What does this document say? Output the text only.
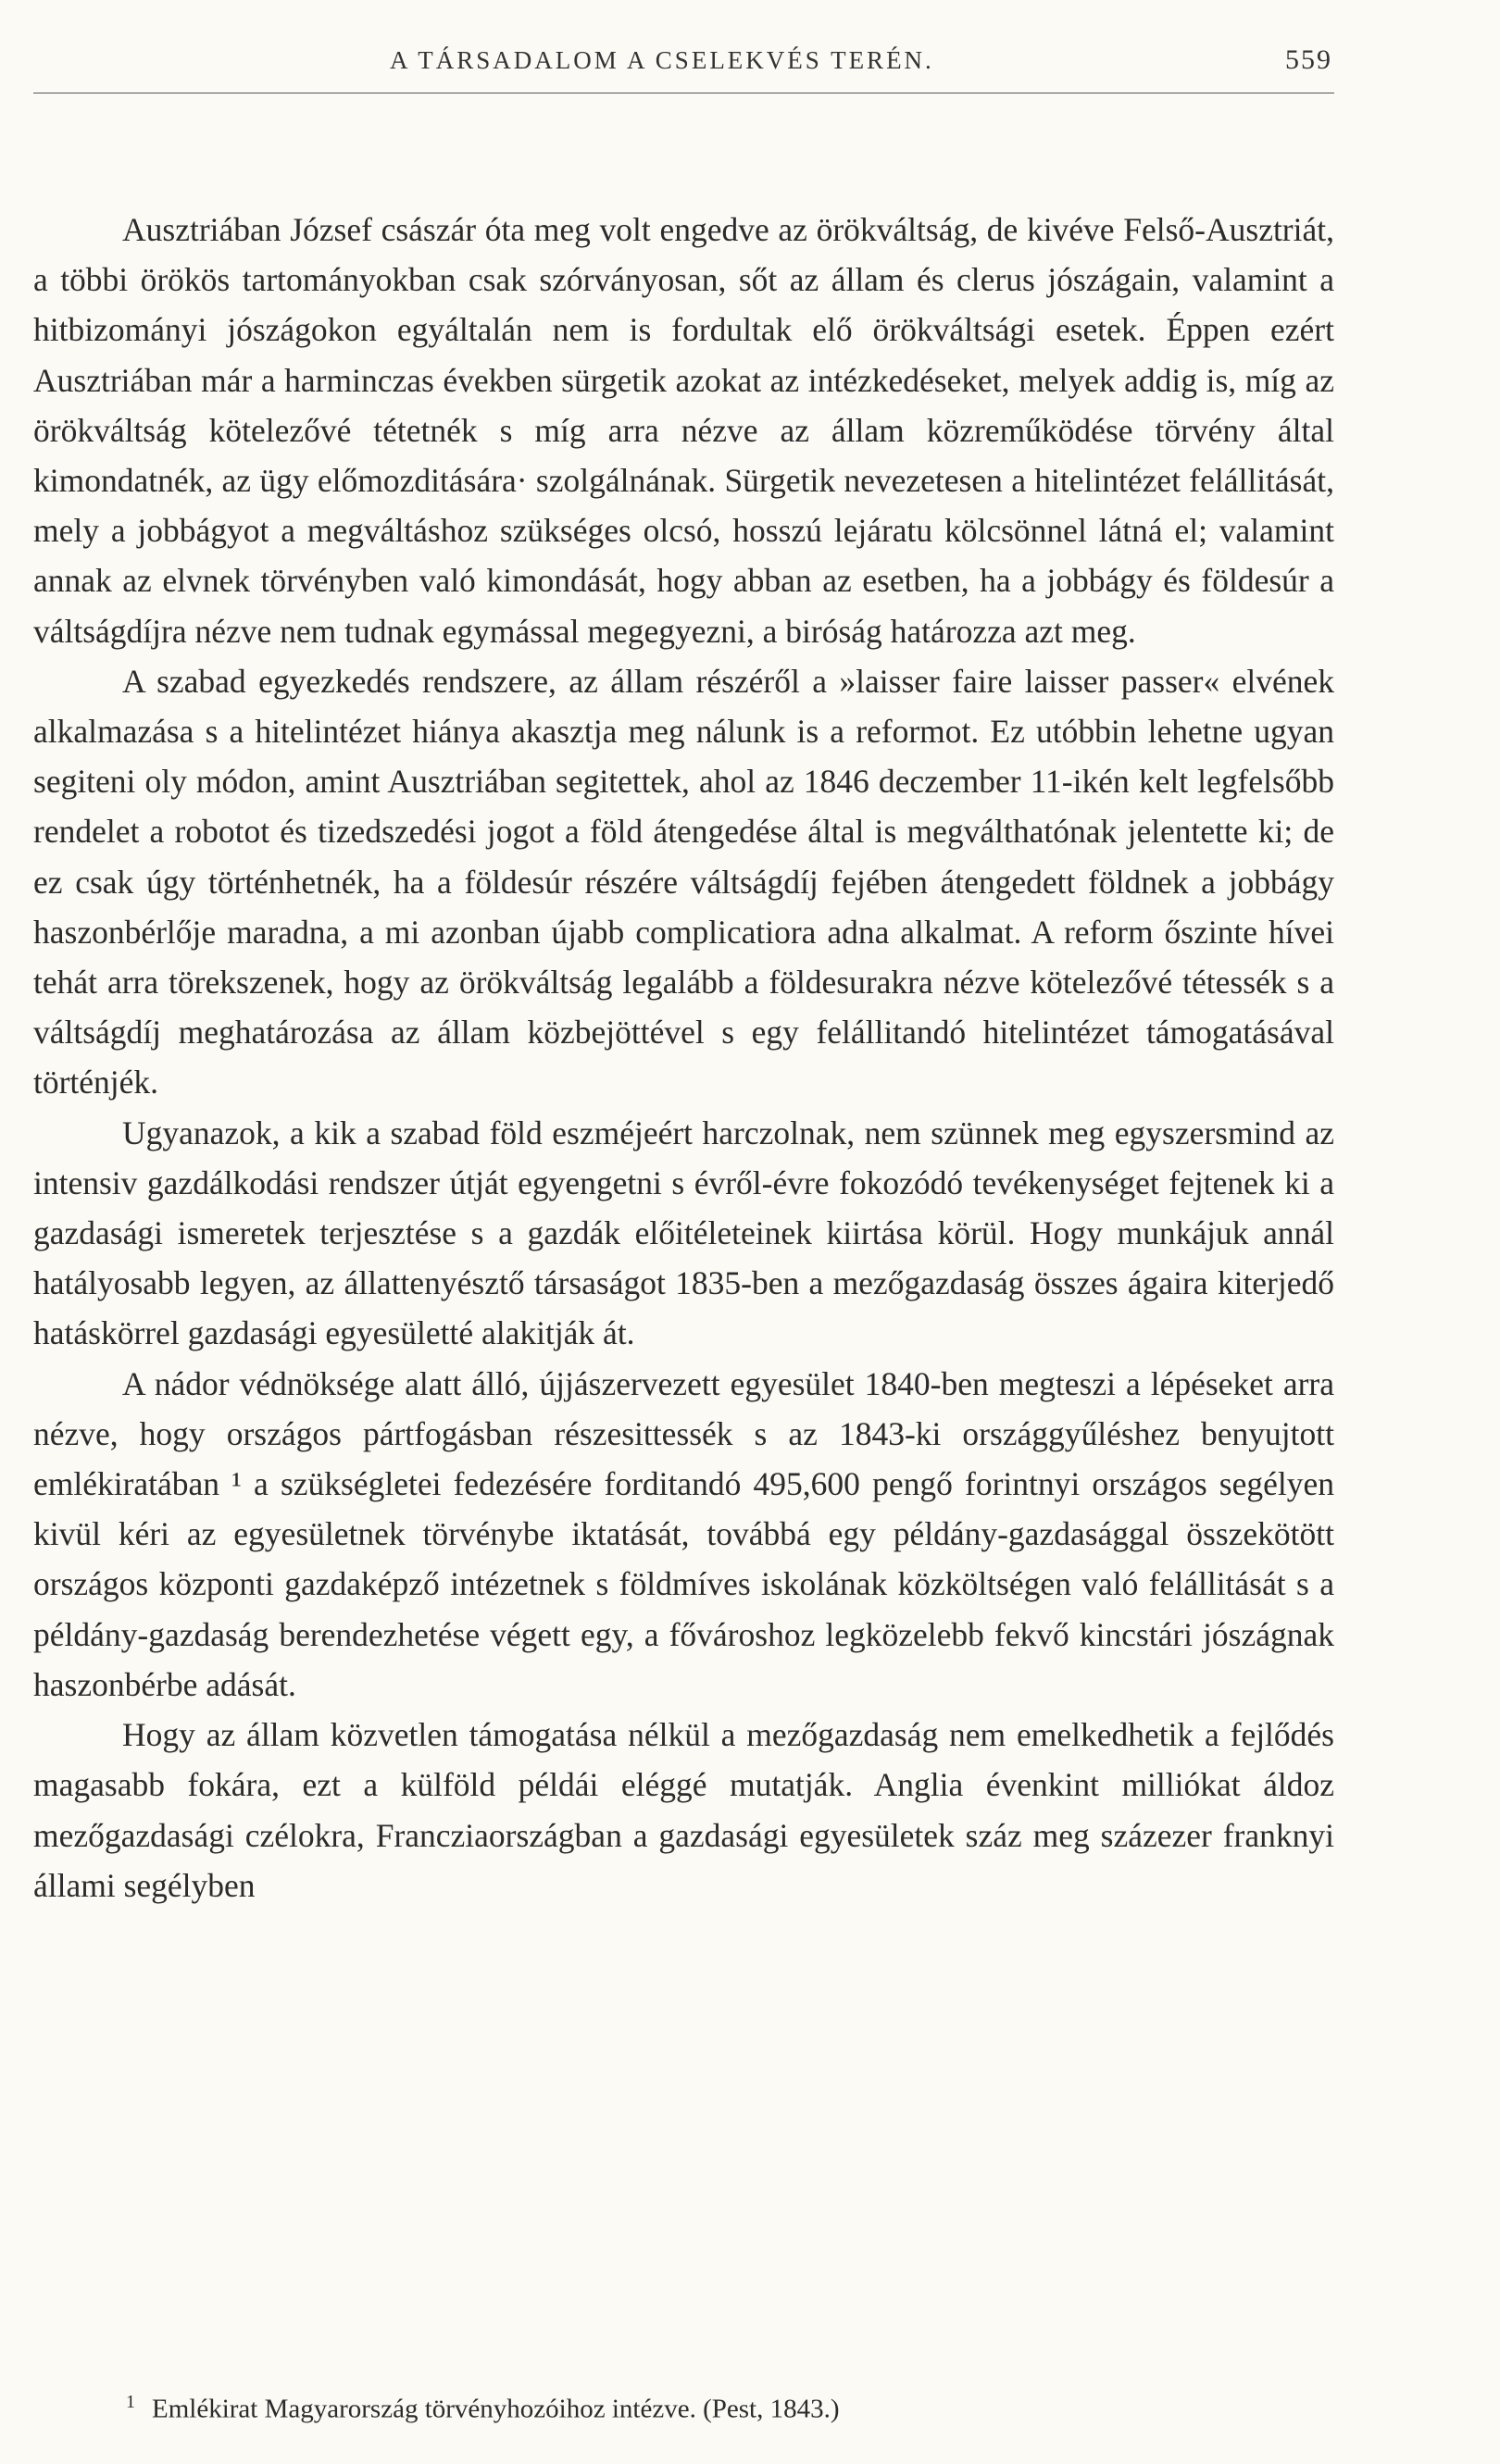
A TÁRSADALOM A CSELEKVÉS TERÉN.	559

Ausztriában József császár óta meg volt engedve az örökváltság, de kivéve Felső-Ausztriát, a többi örökös tartományokban csak szórványosan, sőt az állam és clerus jószágain, valamint a hitbizományi jószágokon egyáltalán nem is fordultak elő örökváltsági esetek. Éppen ezért Ausztriában már a harminczas években sürgetik azokat az intézkedéseket, melyek addig is, míg az örökváltság kötelezővé tétetnék s míg arra nézve az állam közreműködése törvény által kimondatnék, az ügy előmozditására· szolgálnának. Sürgetik nevezetesen a hitelintézet felállitását, mely a jobbágyot a megváltáshoz szükséges olcsó, hosszú lejáratu kölcsönnel látná el; valamint annak az elvnek törvényben való kimondását, hogy abban az esetben, ha a jobbágy és földesúr a váltságdíjra nézve nem tudnak egymással megegyezni, a biróság határozza azt meg.

A szabad egyezkedés rendszere, az állam részéről a »laisser faire laisser passer« elvének alkalmazása s a hitelintézet hiánya akasztja meg nálunk is a reformot. Ez utóbbin lehetne ugyan segiteni oly módon, amint Ausztriában segitettek, ahol az 1846 deczember 11-ikén kelt legfelsőbb rendelet a robotot és tizedszedési jogot a föld átengedése által is megválthatónak jelentette ki; de ez csak úgy történhetnék, ha a földesúr részére váltságdíj fejében átengedett földnek a jobbágy haszonbérlője maradna, a mi azonban újabb complicatiora adna alkalmat. A reform őszinte hívei tehát arra törekszenek, hogy az örökváltság legalább a földesurakra nézve kötelezővé tétessék s a váltságdíj meghatározása az állam közbejöttével s egy felállitandó hitelintézet támogatásával történjék.

Ugyanazok, a kik a szabad föld eszméjeért harczolnak, nem szünnek meg egyszersmind az intensiv gazdálkodási rendszer útját egyengetni s évről-évre fokozódó tevékenységet fejtenek ki a gazdasági ismeretek terjesztése s a gazdák előitéleteinek kiirtása körül. Hogy munkájuk annál hatályosabb legyen, az állattenyésztő társaságot 1835-ben a mezőgazdaság összes ágaira kiterjedő hatáskörrel gazdasági egyesületté alakitják át.

A nádor védnöksége alatt álló, újjászervezett egyesület 1840-ben megteszi a lépéseket arra nézve, hogy országos pártfogásban részesittessék s az 1843-ki országgyűléshez benyujtott emlékiratában ¹ a szükségletei fedezésére forditandó 495,600 pengő forintnyi országos segélyen kivül kéri az egyesületnek törvénybe iktatását, továbbá egy példány-gazdasággal összekötött országos központi gazdaképző intézetnek s földmíves iskolának közköltségen való felállitását s a példány-gazdaság berendezhetése végett egy, a fővároshoz legközelebb fekvő kincstári jószágnak haszonbérbe adását.

Hogy az állam közvetlen támogatása nélkül a mezőgazdaság nem emelkedhetik a fejlődés magasabb fokára, ezt a külföld példái eléggé mutatják. Anglia évenkint milliókat áldoz mezőgazdasági czélokra, Francziaországban a gazdasági egyesületek száz meg százezer franknyi állami segélyben

$^1$ Emlékirat Magyarország törvényhozóihoz intézve. (Pest, 1843.)
